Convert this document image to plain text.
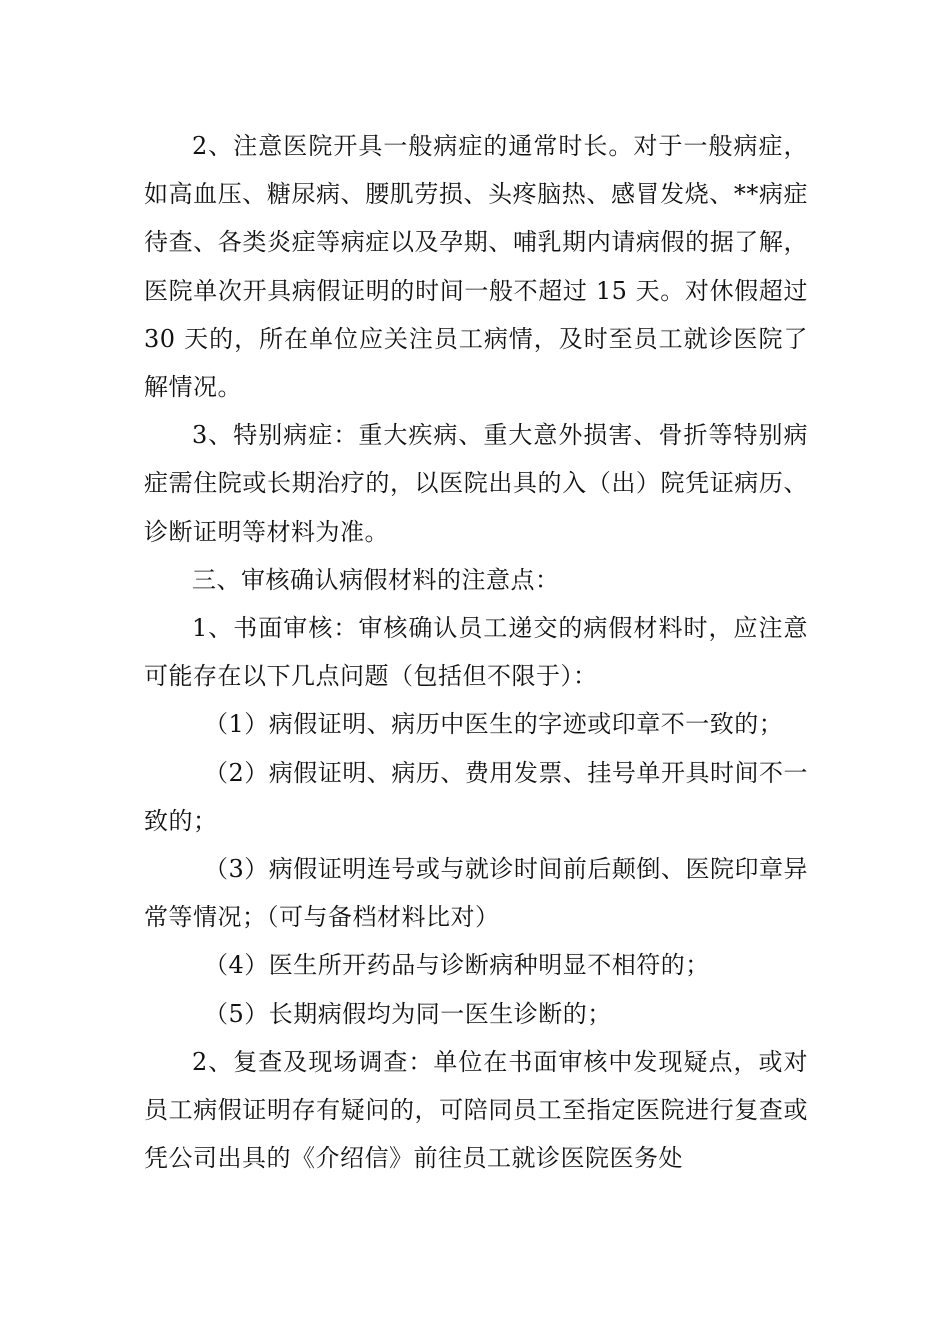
2、注意医院开具一般病症的通常时长。对于一般病症，如高血压、糖尿病、腰肌劳损、头疼脑热、感冒发烧、**病症待查、各类炎症等病症以及孕期、哺乳期内请病假的据了解，医院单次开具病假证明的时间一般不超过 15 天。对休假超过 30 天的，所在单位应关注员工病情，及时至员工就诊医院了解情况。

3、特别病症：重大疾病、重大意外损害、骨折等特别病症需住院或长期治疗的，以医院出具的入（出）院凭证病历、诊断证明等材料为准。

三、审核确认病假材料的注意点：

1、书面审核：审核确认员工递交的病假材料时，应注意可能存在以下几点问题（包括但不限于）：

（1）病假证明、病历中医生的字迹或印章不一致的；

（2）病假证明、病历、费用发票、挂号单开具时间不一致的；

（3）病假证明连号或与就诊时间前后颠倒、医院印章异常等情况；（可与备档材料比对）

（4）医生所开药品与诊断病种明显不相符的；

（5）长期病假均为同一医生诊断的；

2、复查及现场调查：单位在书面审核中发现疑点，或对员工病假证明存有疑问的，可陪同员工至指定医院进行复查或凭公司出具的《介绍信》前往员工就诊医院医务处
